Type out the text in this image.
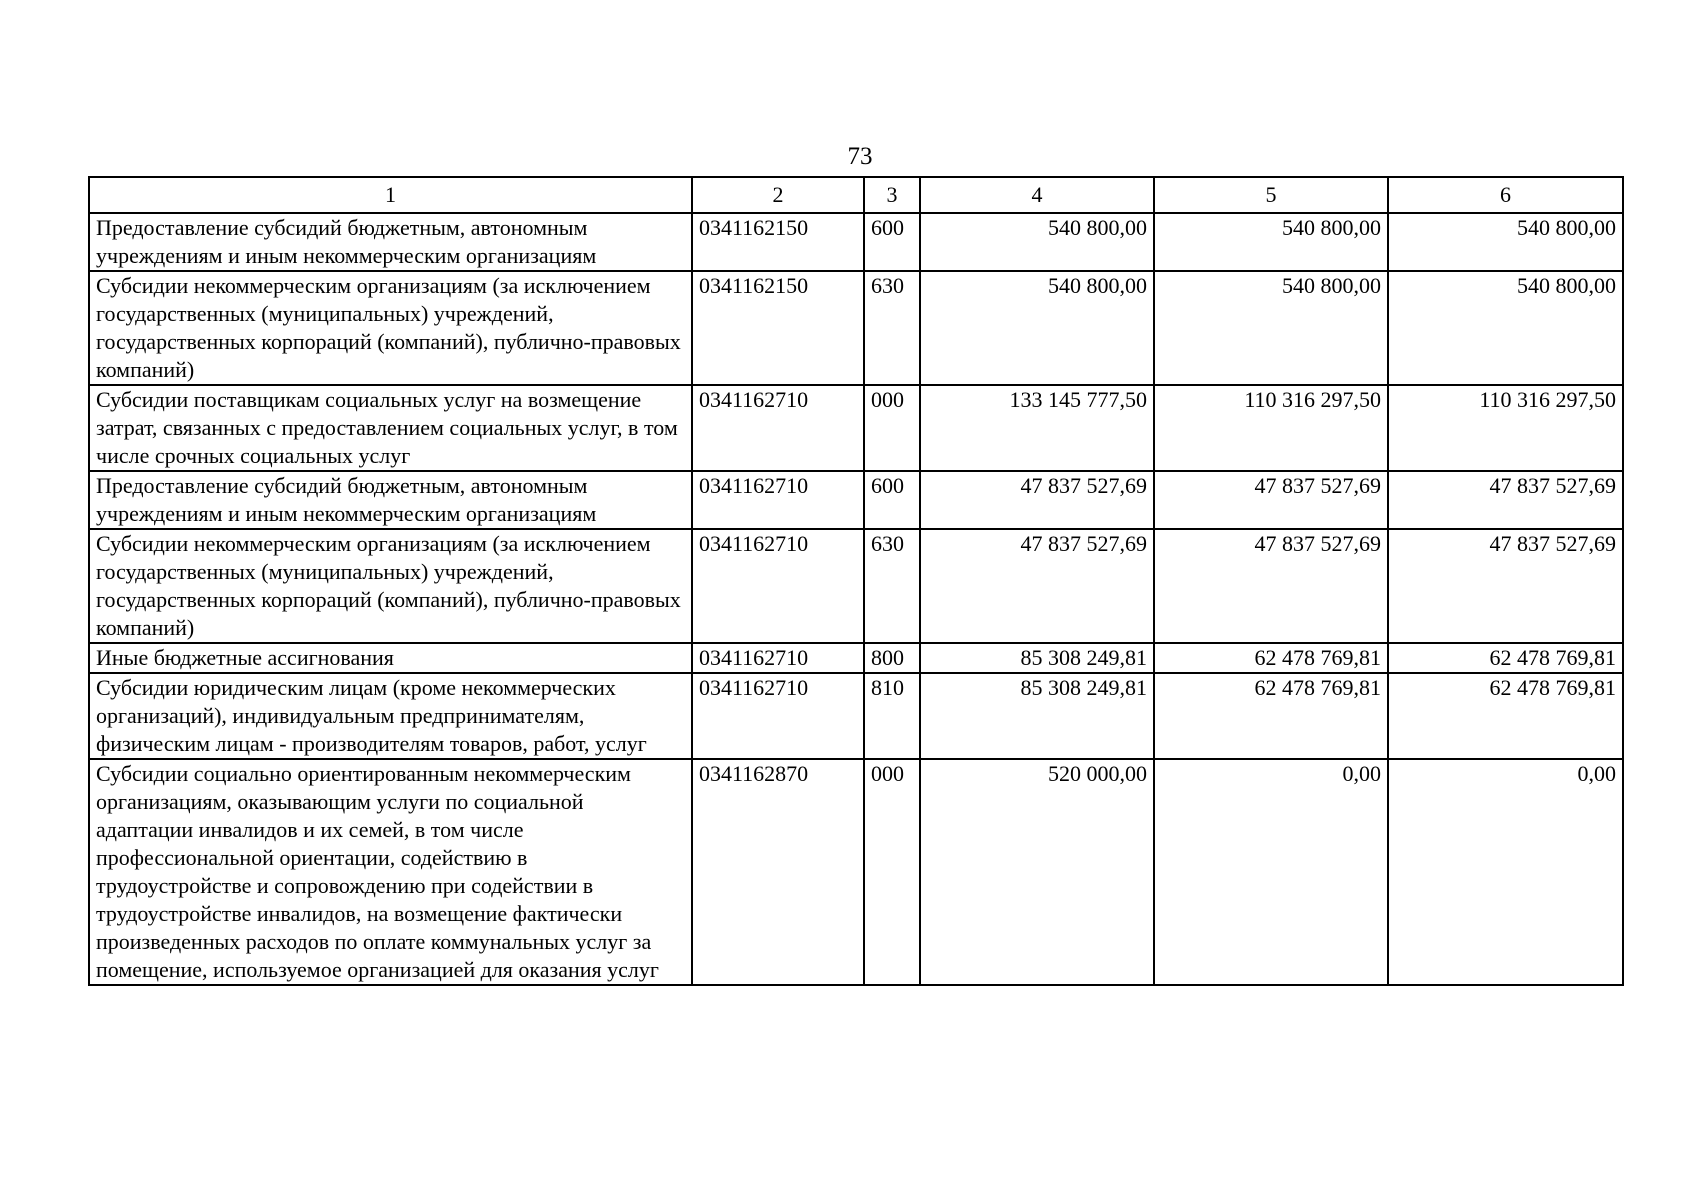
73
1	2	3	4	5	6
Предоставление субсидий бюджетным, автономным учреждениям и иным некоммерческим организациям	0341162150	600	540 800,00	540 800,00	540 800,00
Субсидии некоммерческим организациям (за исключением государственных (муниципальных) учреждений, государственных корпораций (компаний), публично-правовых компаний)	0341162150	630	540 800,00	540 800,00	540 800,00
Субсидии поставщикам социальных услуг на возмещение затрат, связанных с предоставлением социальных услуг, в том числе срочных социальных услуг	0341162710	000	133 145 777,50	110 316 297,50	110 316 297,50
Предоставление субсидий бюджетным, автономным учреждениям и иным некоммерческим организациям	0341162710	600	47 837 527,69	47 837 527,69	47 837 527,69
Субсидии некоммерческим организациям (за исключением государственных (муниципальных) учреждений, государственных корпораций (компаний), публично-правовых компаний)	0341162710	630	47 837 527,69	47 837 527,69	47 837 527,69
Иные бюджетные ассигнования	0341162710	800	85 308 249,81	62 478 769,81	62 478 769,81
Субсидии юридическим лицам (кроме некоммерческих организаций), индивидуальным предпринимателям, физическим лицам - производителям товаров, работ, услуг	0341162710	810	85 308 249,81	62 478 769,81	62 478 769,81
Субсидии социально ориентированным некоммерческим организациям, оказывающим услуги по социальной адаптации инвалидов и их семей, в том числе профессиональной ориентации, содействию в трудоустройстве и сопровождению при содействии в трудоустройстве инвалидов, на возмещение фактически произведенных расходов по оплате коммунальных услуг за помещение, используемое организацией для оказания услуг	0341162870	000	520 000,00	0,00	0,00
